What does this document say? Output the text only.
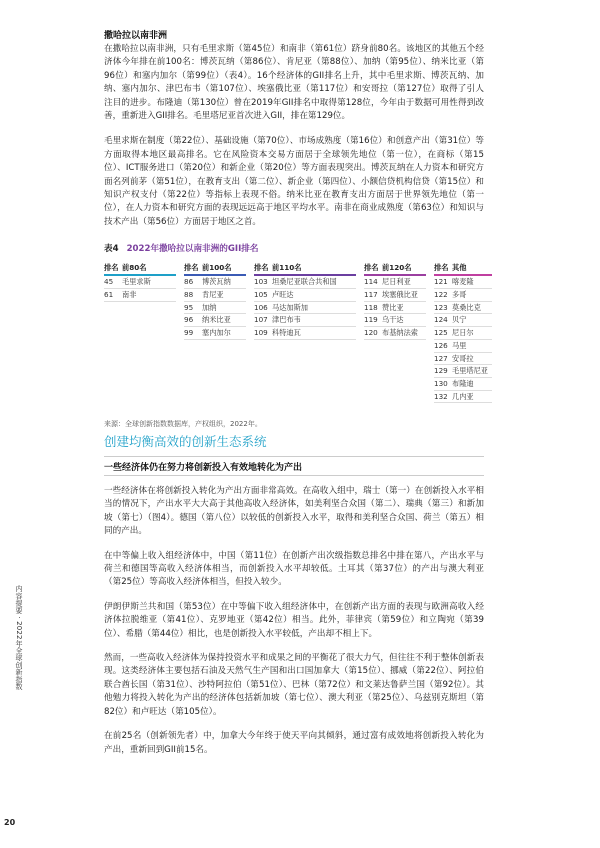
撒哈拉以南非洲

在撒哈拉以南非洲，只有毛里求斯（第45位）和南非（第61位）跻身前80名。该地区的其他五个经济体今年排在前100名：博茨瓦纳（第86位）、肯尼亚（第88位）、加纳（第95位）、纳米比亚（第96位）和塞内加尔（第99位）（表4）。16个经济体的GII排名上升，其中毛里求斯、博茨瓦纳、加纳、塞内加尔、津巴布韦（第107位）、埃塞俄比亚（第117位）和安哥拉（第127位）取得了引人注目的进步。布隆迪（第130位）曾在2019年GII排名中取得第128位，今年由于数据可用性得到改善，重新进入GII排名。毛里塔尼亚首次进入GII，排在第129位。

毛里求斯在制度（第22位）、基础设施（第70位）、市场成熟度（第16位）和创意产出（第31位）等方面取得本地区最高排名。它在风险资本交易方面居于全球领先地位（第一位），在商标（第15位）、ICT服务进口（第20位）和新企业（第20位）等方面表现突出。博茨瓦纳在人力资本和研究方面名列前茅（第51位），在教育支出（第二位）、新企业（第四位）、小额信贷机构信贷（第15位）和知识产权支付（第22位）等指标上表现不俗。纳米比亚在教育支出方面居于世界领先地位（第一位），在人力资本和研究方面的表现远远高于地区平均水平。南非在商业成熟度（第63位）和知识与技术产出（第56位）方面居于地区之首。

表4 2022年撒哈拉以南非洲的GII排名
排名 前80名
45	毛里求斯
61	南非
排名 前100名
86	博茨瓦纳
88	肯尼亚
95	加纳
96	纳米比亚
99	塞内加尔
排名 前110名
103 坦桑尼亚联合共和国
105 卢旺达
106 马达加斯加
107 津巴布韦
109 科特迪瓦
排名 前120名
114 尼日利亚
117 埃塞俄比亚
118 赞比亚
119 乌干达
120 布基纳法索
排名 其他
121 喀麦隆
122 多哥
123 莫桑比克
124 贝宁
125 尼日尔
126 马里
127 安哥拉
129 毛里塔尼亚
130 布隆迪
132 几内亚
来源：全球创新指数数据库，产权组织，2022年。
创建均衡高效的创新生态系统
一些经济体仍在努力将创新投入有效地转化为产出

一些经济体在将创新投入转化为产出方面非常高效。在高收入组中，瑞士（第一）在创新投入水平相当的情况下，产出水平大大高于其他高收入经济体，如美利坚合众国（第二）、瑞典（第三）和新加坡（第七）（图4）。德国（第八位）以较低的创新投入水平，取得和美利坚合众国、荷兰（第五）相同的产出。

在中等偏上收入组经济体中，中国（第11位）在创新产出次级指数总排名中排在第八，产出水平与荷兰和德国等高收入经济体相当，而创新投入水平却较低。土耳其（第37位）的产出与澳大利亚（第25位）等高收入经济体相当，但投入较少。

伊朗伊斯兰共和国（第53位）在中等偏下收入组经济体中，在创新产出方面的表现与欧洲高收入经济体拉脱维亚（第41位）、克罗地亚（第42位）相当。此外，菲律宾（第59位）和立陶宛（第39位）、希腊（第44位）相比，也是创新投入水平较低，产出却不相上下。

然而，一些高收入经济体为保持投资水平和成果之间的平衡花了很大力气，但往往不利于整体创新表现。这类经济体主要包括石油及天然气生产国和出口国加拿大（第15位）、挪威（第22位）、阿拉伯联合酋长国（第31位）、沙特阿拉伯（第51位）、巴林（第72位）和文莱达鲁萨兰国（第92位）。其他勉力将投入转化为产出的经济体包括新加坡（第七位）、澳大利亚（第25位）、乌兹别克斯坦（第82位）和卢旺达（第105位）。

在前25名（创新领先者）中，加拿大今年终于使天平向其倾斜，通过富有成效地将创新投入转化为产出，重新回到GII前15名。

内容提要 · 2022年全球创新指数
20
